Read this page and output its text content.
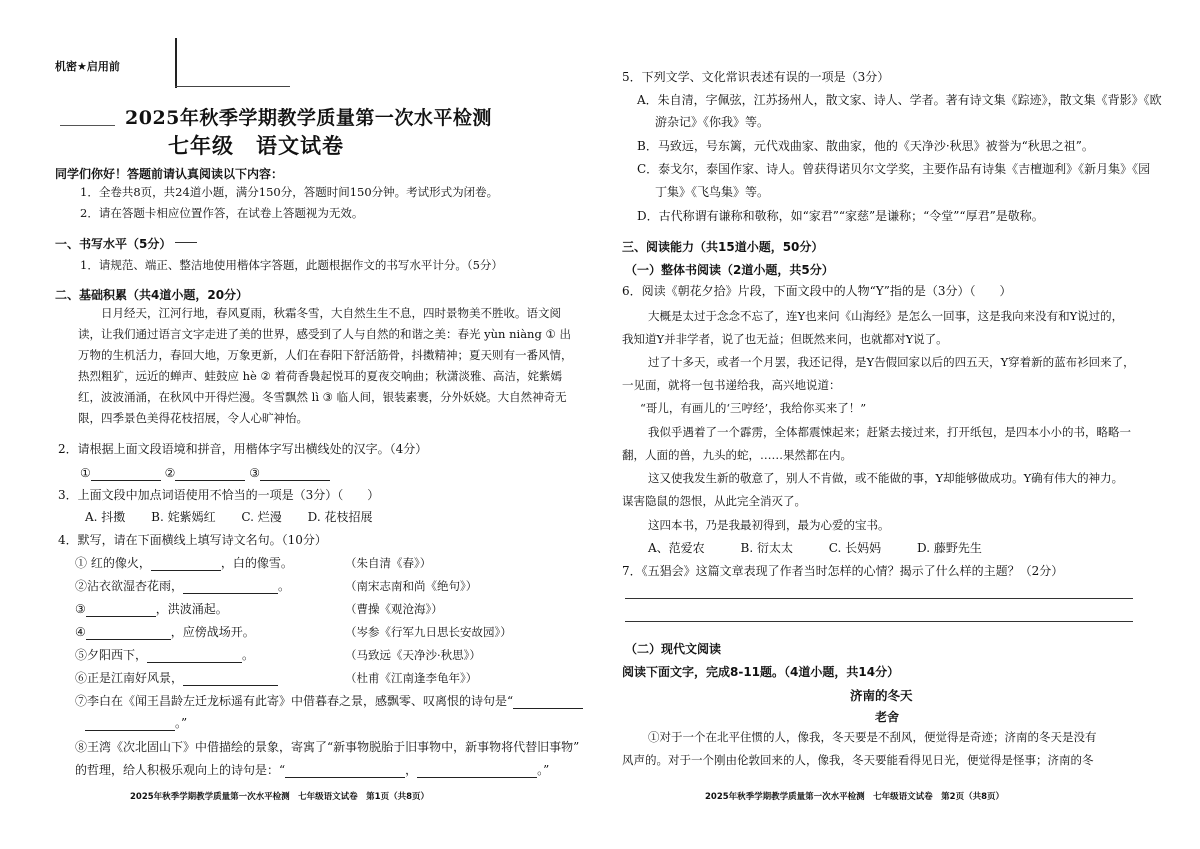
机密★启用前
2025年秋季学期教学质量第一次水平检测
七年级　语文试卷
同学们你好！答题前请认真阅读以下内容：
1．全卷共8页，共24道小题，满分150分，答题时间150分钟。考试形式为闭卷。
2．请在答题卡相应位置作答，在试卷上答题视为无效。
一、书写水平（5分）
1．请规范、端正、整洁地使用楷体字答题，此题根据作文的书写水平计分。（5分）
二、基础积累（共4道小题，20分）
日月经天，江河行地，春风夏雨，秋霜冬雪，大自然生生不息，四时景物美不胜收。语文阅读，让我们通过语言文字走进了美的世界，感受到了人与自然的和谐之美：春光 yùn niàng ① 出万物的生机活力，春回大地，万象更新，人们在春阳下舒活筋骨，抖擞精神；夏天则有一番风情，热烈粗犷，远近的蝉声、蛙鼓应 hè ② 着荷香裊起悦耳的夏夜交响曲；秋潇淡雅、高洁，姹紫嫣红，波波涌涌，在秋风中开得烂漫。冬雪飘然 lì ③ 临人间，银装素裹，分外妖娆。大自然神奇无限，四季景色美得花枝招展，令人心旷神怡。
2．请根据上面文段语境和拼音，用楷体字写出横线处的汉字。（4分）
①	②	③
3．上面文段中加点词语使用不恰当的一项是（3分）（　　）
A. 抖擞 B. 姹紫嫣红 C. 烂漫 D. 花枝招展
4．默写，请在下面横线上填写诗文名句。（10分）
① 红的像火，	，白的像雪。	（朱自清《春》）
②沾衣欲湿杏花雨，	。	（南宋志南和尚《绝句》）
③	，洪波涌起。	（曹操《观沧海》）
④	，应傍战场开。	（岑参《行军九日思长安故园》）
⑤夕阳西下，	。	（马致远《天净沙·秋思》）
⑥正是江南好风景，	（杜甫《江南逢李龟年》）
⑦李白在《闻王昌龄左迁龙标遥有此寄》中借暮春之景，感飘零、叹离恨的诗句是“
。”
⑧王湾《次北固山下》中借描绘的景象，寄寓了“新事物脱胎于旧事物中，新事物将代替旧事物”
的哲理，给人积极乐观向上的诗句是：“	，	。”
2025年秋季学期教学质量第一次水平检测　七年级语文试卷　第1页（共8页）
5．下列文学、文化常识表述有误的一项是（3分）
A．朱自清，字佩弦，江苏扬州人，散文家、诗人、学者。著有诗文集《踪迹》，散文集《背影》《欧
游杂记》《你我》等。
B．马致远，号东篱，元代戏曲家、散曲家，他的《天净沙·秋思》被誉为“秋思之祖”。
C．泰戈尔，泰国作家、诗人。曾获得诺贝尔文学奖，主要作品有诗集《吉檀迦利》《新月集》《园
丁集》《飞鸟集》等。
D．古代称谓有谦称和敬称，如“家君”“家慈”是谦称；“令堂”“厚君”是敬称。
三、阅读能力（共15道小题，50分）
（一）整体书阅读（2道小题，共5分）
6．阅读《朝花夕拾》片段，下面文段中的人物“Y”指的是（3分）（　　）
大概是太过于念念不忘了，连Y也来问《山海经》是怎么一回事，这是我向来没有和Y说过的，
我知道Y并非学者，说了也无益；但既然来问，也就都对Y说了。
过了十多天，或者一个月罢，我还记得，是Y告假回家以后的四五天，Y穿着新的蓝布衫回来了，
一见面，就将一包书递给我，高兴地说道：
“哥儿，有画儿的‘三哼经’，我给你买来了！”
我似乎遇着了一个霹雳，全体都震悚起来；赶紧去接过来，打开纸包，是四本小小的书，略略一
翻，人面的兽，九头的蛇，……果然都在内。
这又使我发生新的敬意了，别人不肯做，或不能做的事，Y却能够做成功。Y确有伟大的神力。
谋害隐鼠的怨恨，从此完全消灭了。
这四本书，乃是我最初得到，最为心爱的宝书。
A、范爱农	B. 衍太太	C. 长妈妈	D. 藤野先生
7．《五猖会》这篇文章表现了作者当时怎样的心情？揭示了什么样的主题？（2分）
（二）现代文阅读
阅读下面文字，完成8-11题。（4道小题，共14分）
济南的冬天
老舍
①对于一个在北平住惯的人，像我，冬天要是不刮风，便觉得是奇迹；济南的冬天是没有
风声的。对于一个刚由伦敦回来的人，像我，冬天要能看得见日光，便觉得是怪事；济南的冬
2025年秋季学期教学质量第一次水平检测　七年级语文试卷　第2页（共8页）
